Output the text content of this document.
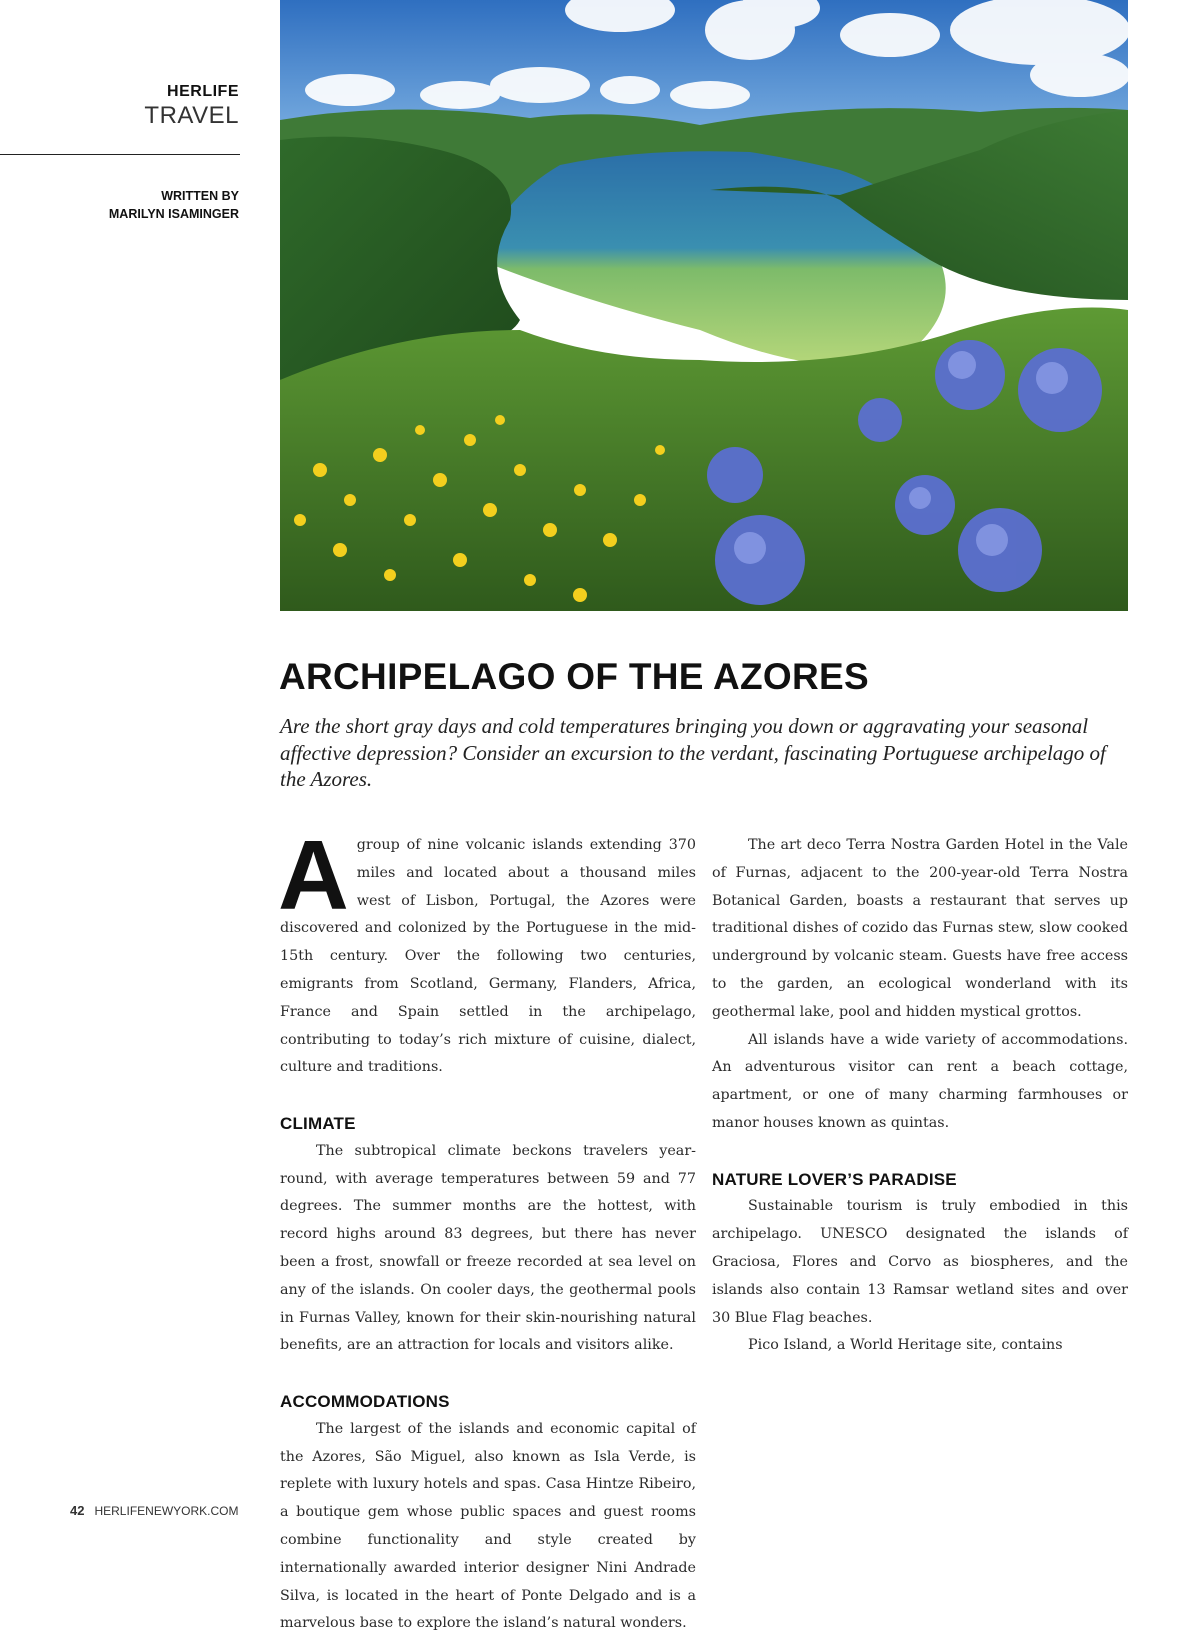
HERLIFE
TRAVEL
WRITTEN BY
MARILYN ISAMINGER
ARCHIPELAGO OF THE AZORES

Are the short gray days and cold temperatures bringing you down or aggravating your seasonal affective depression? Consider an excursion to the verdant, fascinating Portuguese archipelago of the Azores.

Agroup of nine volcanic islands extending 370 miles and located about a thousand miles west of Lisbon, Portugal, the Azores were discovered and colonized by the Portuguese in the mid-15th century. Over the following two centuries, emigrants from Scotland, Germany, Flanders, Africa, France and Spain settled in the archipelago, contributing to today’s rich mixture of cuisine, dialect, culture and traditions.

CLIMATE

The subtropical climate beckons travelers year-round, with average temperatures between 59 and 77 degrees. The summer months are the hottest, with record highs around 83 degrees, but there has never been a frost, snowfall or freeze recorded at sea level on any of the islands. On cooler days, the geothermal pools in Furnas Valley, known for their skin-nourishing natural benefits, are an attraction for locals and visitors alike.

ACCOMMODATIONS

The largest of the islands and economic capital of the Azores, São Miguel, also known as Isla Verde, is replete with luxury hotels and spas. Casa Hintze Ribeiro, a boutique gem whose public spaces and guest rooms combine functionality and style created by internationally awarded interior designer Nini Andrade Silva, is located in the heart of Ponte Delgado and is a marvelous base to explore the island’s natural wonders.

The art deco Terra Nostra Garden Hotel in the Vale of Furnas, adjacent to the 200-year-old Terra Nostra Botanical Garden, boasts a restaurant that serves up traditional dishes of cozido das Furnas stew, slow cooked underground by volcanic steam. Guests have free access to the garden, an ecological wonderland with its geothermal lake, pool and hidden mystical grottos.

All islands have a wide variety of accommodations. An adventurous visitor can rent a beach cottage, apartment, or one of many charming farmhouses or manor houses known as quintas.

NATURE LOVER’S PARADISE

Sustainable tourism is truly embodied in this archipelago. UNESCO designated the islands of Graciosa, Flores and Corvo as biospheres, and the islands also contain 13 Ramsar wetland sites and over 30 Blue Flag beaches.

Pico Island, a World Heritage site, contains

42 HERLIFENEWYORK.COM
